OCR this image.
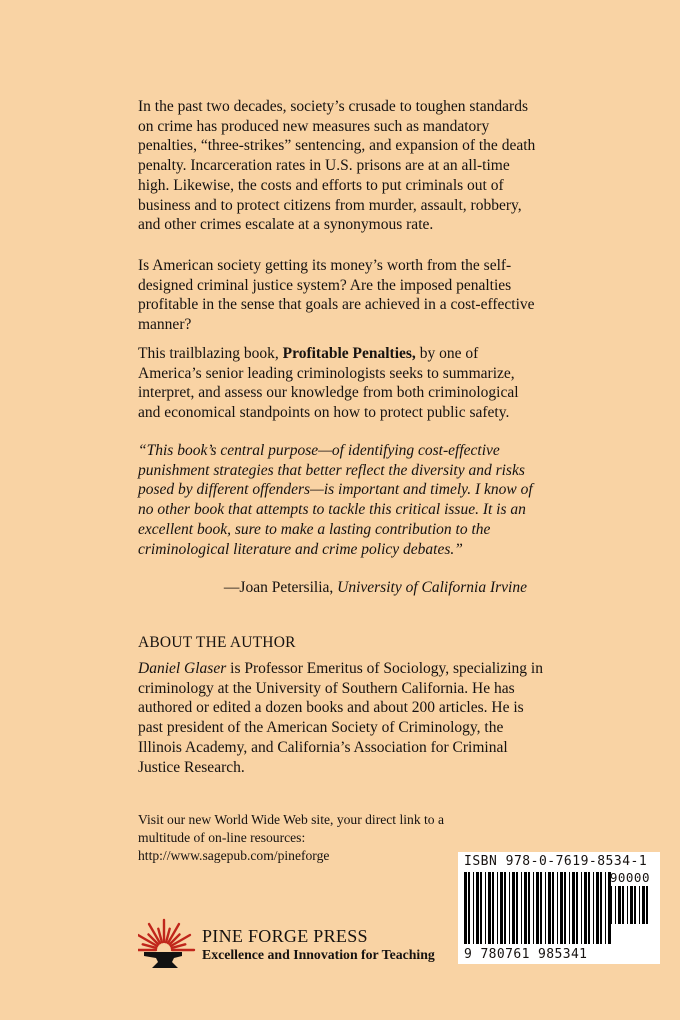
In the past two decades, society’s crusade to toughen standards on crime has produced new measures such as mandatory penalties, “three-strikes” sentencing, and expansion of the death penalty. Incarceration rates in U.S. prisons are at an all-time high. Likewise, the costs and efforts to put criminals out of business and to protect citizens from murder, assault, robbery, and other crimes escalate at a synonymous rate.

Is American society getting its money’s worth from the self-designed criminal justice system? Are the imposed penalties profitable in the sense that goals are achieved in a cost-effective manner?

This trailblazing book, Profitable Penalties, by one of America’s senior leading criminologists seeks to summarize, interpret, and assess our knowledge from both criminological and economical standpoints on how to protect public safety.

“This book’s central purpose—of identifying cost-effective punishment strategies that better reflect the diversity and risks posed by different offenders—is important and timely. I know of no other book that attempts to tackle this critical issue. It is an excellent book, sure to make a lasting contribution to the criminological literature and crime policy debates.”

—Joan Petersilia, University of California Irvine
ABOUT THE AUTHOR

Daniel Glaser is Professor Emeritus of Sociology, specializing in criminology at the University of Southern California. He has authored or edited a dozen books and about 200 articles. He is past president of the American Society of Criminology, the Illinois Academy, and California’s Association for Criminal Justice Research.

Visit our new World Wide Web site, your direct link to a
multitude of on-line resources:
http://www.sagepub.com/pineforge
PINE FORGE PRESS
Excellence and Innovation for Teaching
ISBN 978-0-7619-8534-1
90000
9 780761 985341
